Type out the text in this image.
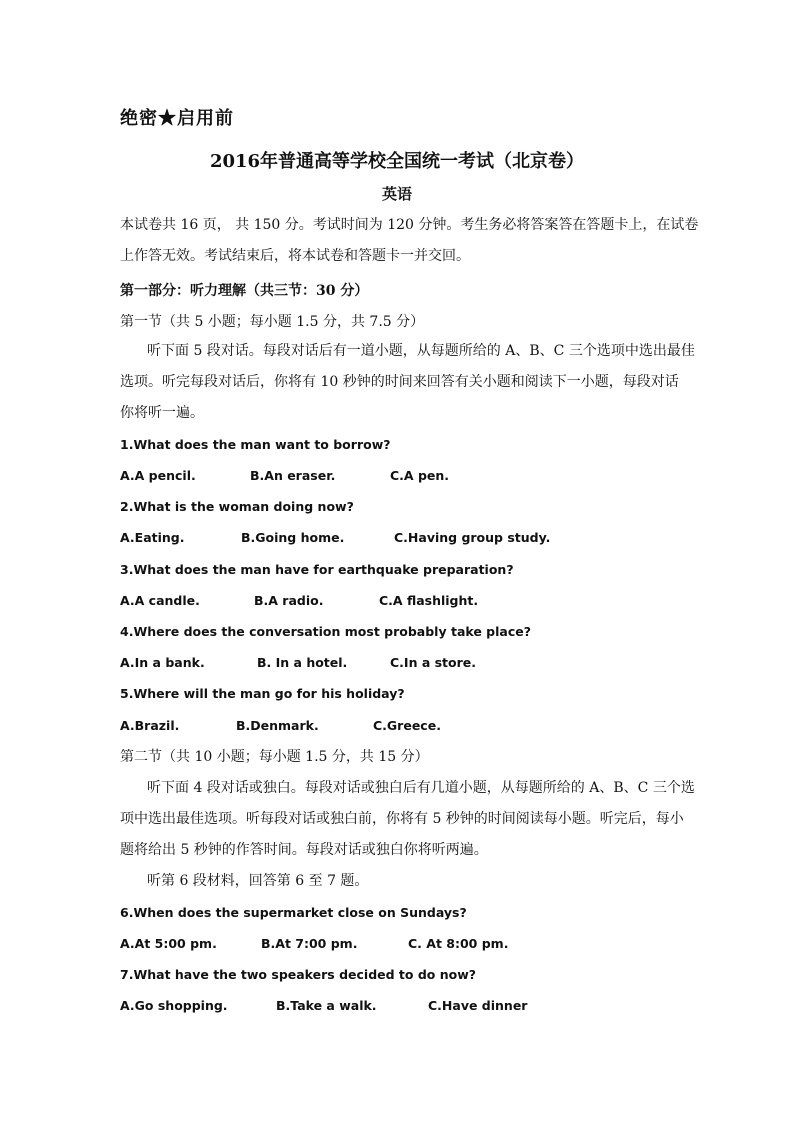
绝密★启用前
2016年普通高等学校全国统一考试（北京卷）
英语
本试卷共 16 页， 共 150 分。考试时间为 120 分钟。考生务必将答案答在答题卡上，在试卷
上作答无效。考试结束后，将本试卷和答题卡一并交回。
第一部分：听力理解（共三节：30 分）
第一节（共 5 小题；每小题 1.5 分，共 7.5 分）
听下面 5 段对话。每段对话后有一道小题，从每题所给的 A、B、C 三个选项中选出最佳
选项。听完每段对话后，你将有 10 秒钟的时间来回答有关小题和阅读下一小题，每段对话
你将听一遍。
1.What does the man want to borrow?
A.A pencil.	B.An eraser.	C.A pen.
2.What is the woman doing now?
A.Eating.	B.Going home.	C.Having group study.
3.What does the man have for earthquake preparation?
A.A candle.	B.A radio.	C.A flashlight.
4.Where does the conversation most probably take place?
A.In a bank.	B. In a hotel.	C.In a store.
5.Where will the man go for his holiday?
A.Brazil.	B.Denmark.	C.Greece.
第二节（共 10 小题；每小题 1.5 分，共 15 分）
听下面 4 段对话或独白。每段对话或独白后有几道小题，从每题所给的 A、B、C 三个选
项中选出最佳选项。听每段对话或独白前，你将有 5 秒钟的时间阅读每小题。听完后，每小
题将给出 5 秒钟的作答时间。每段对话或独白你将听两遍。
听第 6 段材料，回答第 6 至 7 题。
6.When does the supermarket close on Sundays?
A.At 5:00 pm.	B.At 7:00 pm.	C. At 8:00 pm.
7.What have the two speakers decided to do now?
A.Go shopping.	B.Take a walk.	C.Have dinner
